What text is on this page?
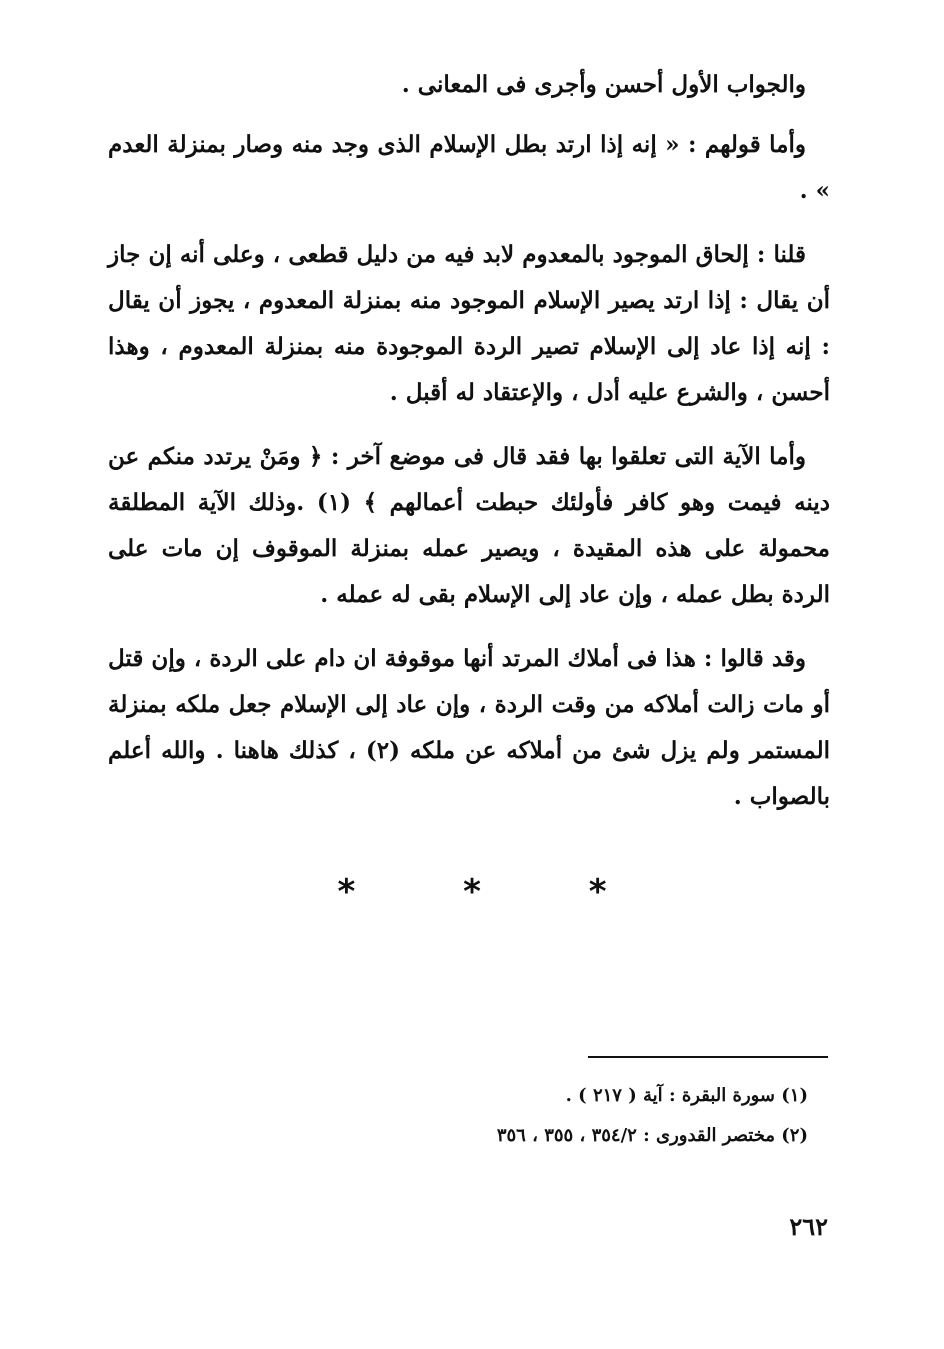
والجواب الأول أحسن وأجرى فى المعانى .

وأما قولهم : « إنه إذا ارتد بطل الإسلام الذى وجد منه وصار بمنزلة العدم » .

قلنا : إلحاق الموجود بالمعدوم لابد فيه من دليل قطعى ، وعلى أنه إن جاز أن يقال : إذا ارتد يصير الإسلام الموجود منه بمنزلة المعدوم ، يجوز أن يقال : إنه إذا عاد إلى الإسلام تصير الردة الموجودة منه بمنزلة المعدوم ، وهذا أحسن ، والشرع عليه أدل ، والإعتقاد له أقبل .

وأما الآية التى تعلقوا بها فقد قال فى موضع آخر : ﴿ ومَنْ يرتدد منكم عن دينه فيمت وهو كافر فأولئك حبطت أعمالهم ﴾ (١) .وذلك الآية المطلقة محمولة على هذه المقيدة ، ويصير عمله بمنزلة الموقوف إن مات على الردة بطل عمله ، وإن عاد إلى الإسلام بقى له عمله .

وقد قالوا : هذا فى أملاك المرتد أنها موقوفة ان دام على الردة ، وإن قتل أو مات زالت أملاكه من وقت الردة ، وإن عاد إلى الإسلام جعل ملكه بمنزلة المستمر ولم يزل شئ من أملاكه عن ملكه (٢) ، كذلك هاهنا . والله أعلم بالصواب .

* * *
(١) سورة البقرة : آية ( ٢١٧ ) .
(٢) مختصر القدورى : ٣٥٤/٢ ، ٣٥٥ ، ٣٥٦
٢٦٢
